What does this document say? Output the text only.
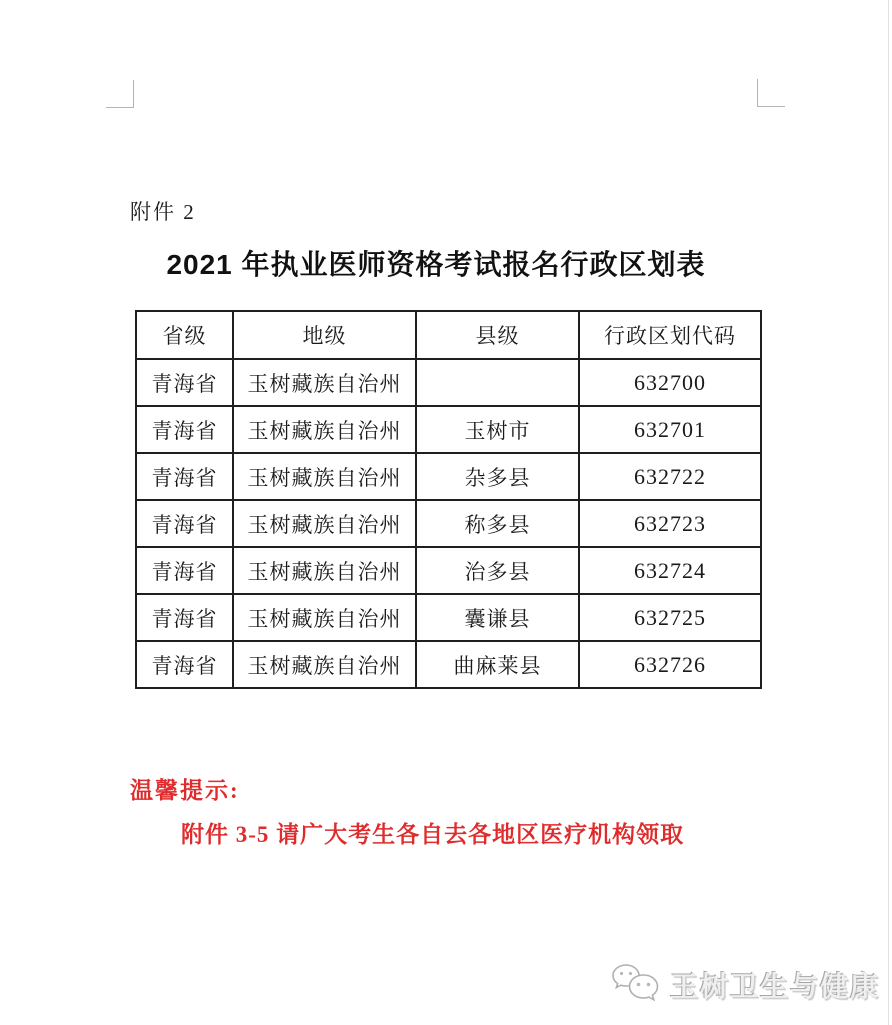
附件 2
2021 年执业医师资格考试报名行政区划表
省级	地级	县级	行政区划代码
青海省	玉树藏族自治州		632700
青海省	玉树藏族自治州	玉树市	632701
青海省	玉树藏族自治州	杂多县	632722
青海省	玉树藏族自治州	称多县	632723
青海省	玉树藏族自治州	治多县	632724
青海省	玉树藏族自治州	囊谦县	632725
青海省	玉树藏族自治州	曲麻莱县	632726
温馨提示:
附件 3-5 请广大考生各自去各地区医疗机构领取
玉树卫生与健康
